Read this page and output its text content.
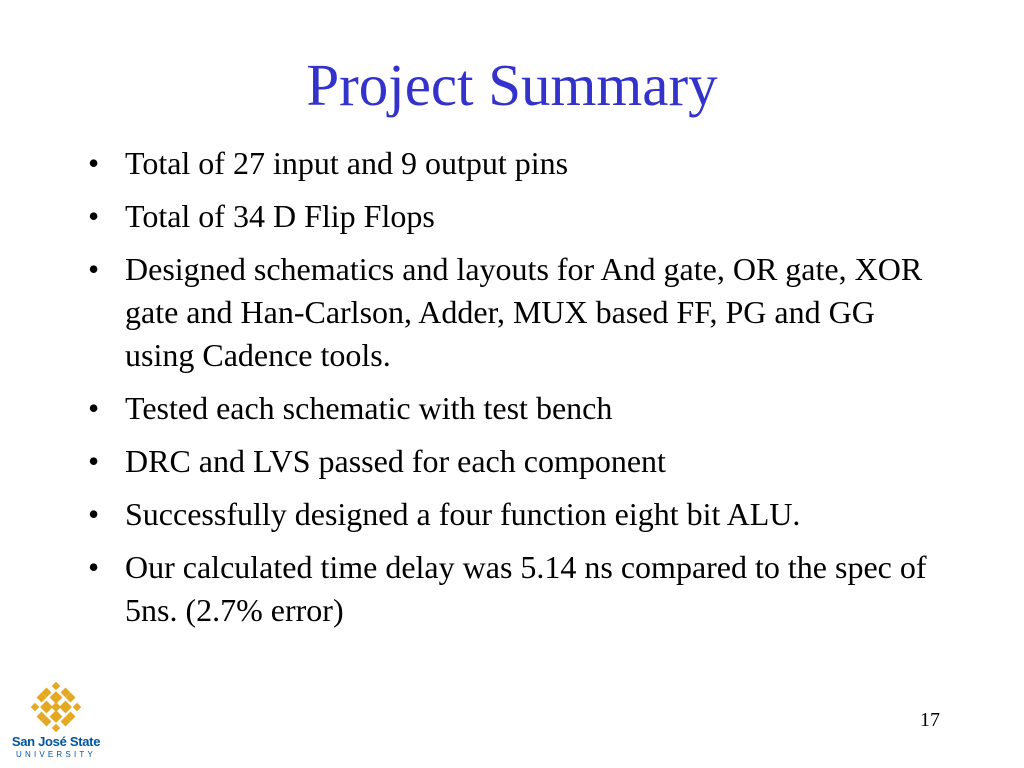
Project Summary
• Total of 27 input and 9 output pins
• Total of 34 D Flip Flops
• Designed schematics and layouts for And gate, OR gate, XOR gate and Han-Carlson, Adder, MUX based FF, PG and GG using Cadence tools.
• Tested each schematic with test bench
• DRC and LVS passed for each component
• Successfully designed a four function eight bit ALU.
• Our calculated time delay was 5.14 ns compared to the spec of 5ns. (2.7% error)
San José State
UNIVERSITY
17
